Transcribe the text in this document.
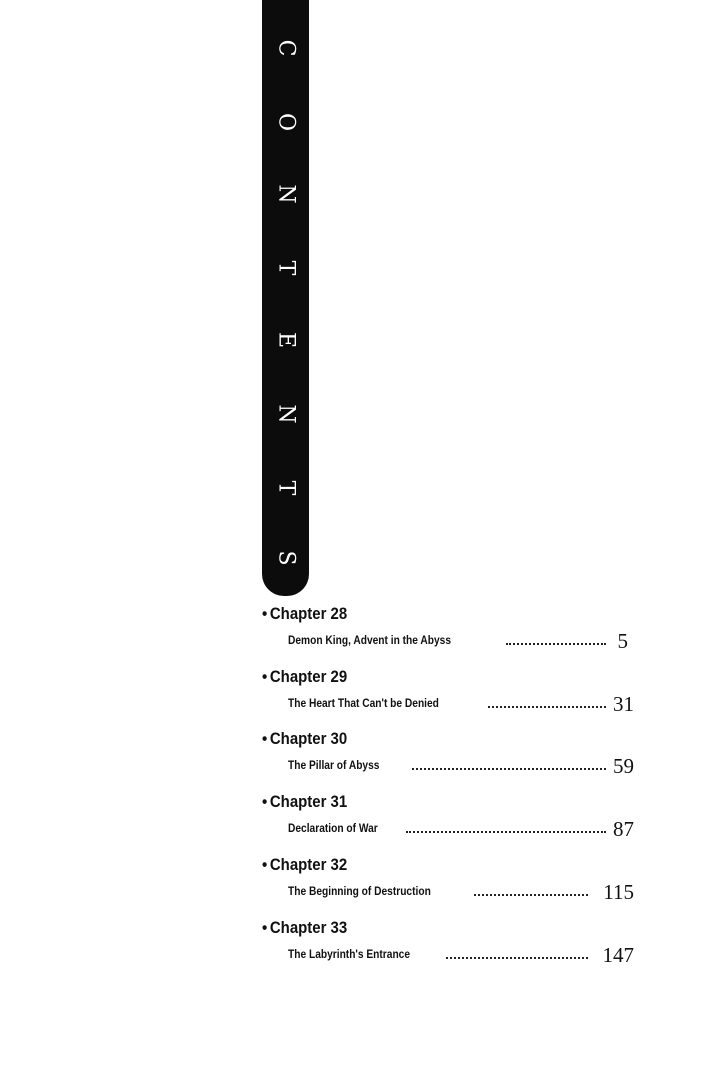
C
O
N
T
E
N
T
S
• Chapter 28
Demon King, Advent in the Abyss	5
• Chapter 29
The Heart That Can't be Denied	31
• Chapter 30
The Pillar of Abyss	59
• Chapter 31
Declaration of War	87
• Chapter 32
The Beginning of Destruction	115
• Chapter 33
The Labyrinth's Entrance	147
